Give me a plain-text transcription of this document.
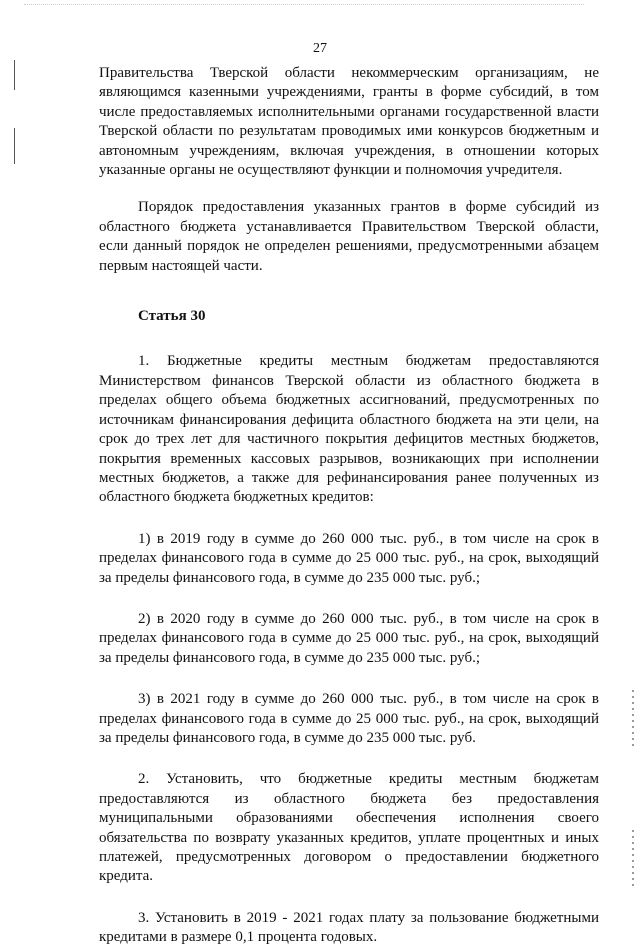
27

Правительства Тверской области некоммерческим организациям, не являющимся казенными учреждениями, гранты в форме субсидий, в том числе предоставляемых исполнительными органами государственной власти Тверской области по результатам проводимых ими конкурсов бюджетным и автономным учреждениям, включая учреждения, в отношении которых указанные органы не осуществляют функции и полномочия учредителя.

Порядок предоставления указанных грантов в форме субсидий из областного бюджета устанавливается Правительством Тверской области, если данный порядок не определен решениями, предусмотренными абзацем первым настоящей части.

Статья 30

1. Бюджетные кредиты местным бюджетам предоставляются Министерством финансов Тверской области из областного бюджета в пределах общего объема бюджетных ассигнований, предусмотренных по источникам финансирования дефицита областного бюджета на эти цели, на срок до трех лет для частичного покрытия дефицитов местных бюджетов, покрытия временных кассовых разрывов, возникающих при исполнении местных бюджетов, а также для рефинансирования ранее полученных из областного бюджета бюджетных кредитов:

1) в 2019 году в сумме до 260 000 тыс. руб., в том числе на срок в пределах финансового года в сумме до 25 000 тыс. руб., на срок, выходящий за пределы финансового года, в сумме до 235 000 тыс. руб.;

2) в 2020 году в сумме до 260 000 тыс. руб., в том числе на срок в пределах финансового года в сумме до 25 000 тыс. руб., на срок, выходящий за пределы финансового года, в сумме до 235 000 тыс. руб.;

3) в 2021 году в сумме до 260 000 тыс. руб., в том числе на срок в пределах финансового года в сумме до 25 000 тыс. руб., на срок, выходящий за пределы финансового года, в сумме до 235 000 тыс. руб.

2. Установить, что бюджетные кредиты местным бюджетам предоставляются из областного бюджета без предоставления муниципальными образованиями обеспечения исполнения своего обязательства по возврату указанных кредитов, уплате процентных и иных платежей, предусмотренных договором о предоставлении бюджетного кредита.

3. Установить в 2019 - 2021 годах плату за пользование бюджетными кредитами в размере 0,1 процента годовых.
